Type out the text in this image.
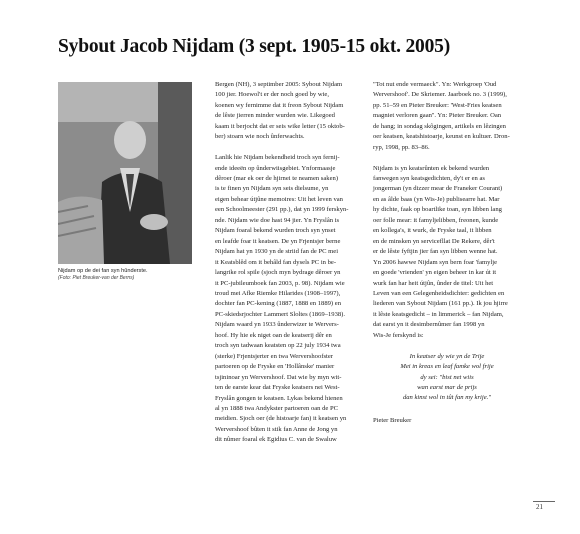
Sybout Jacob Nijdam (3 sept. 1905-15 okt. 2005)
Nijdam op de dei fan syn hûnderste.
(Foto: Piet Breuker-van der Berns)

Bergen (NH), 3 septimber 2005: Sybout Nijdam
100 jier. Hoewol't er der noch goed by wie,
koenen wy fernimme dat it freon Sybout Nijdam
de lêste jierren minder wurden wie. Likegoed
kaam it berjocht dat er seis wike letter (15 oktob-
ber) stoarn wie noch ûnferwachts.

Lanlik hie Nijdam bekendheid troch syn fernij-
ende ideeën op ûnderwiisgebiet. Ynformaasje
dêroer (mar ek oer de hjirnei te neamen saken)
is te finen yn Nijdam syn seis dielsume, yn
eigen behear útjûne memoires: Uit het leven van
een Schoolmeester (291 pp.), dat yn 1999 ferskyn-
nde. Nijdam wie doe hast 94 jier. Yn Fryslân is
Nijdam foaral bekend wurden troch syn ynset
en leafde foar it keatsen. De yn Frjentsjer berne
Nijdam hat yn 1930 yn de striid fan de PC mei
it Keatsblêd om it behâld fan dysels PC in be-
langrike rol spile (sjoch myn bydrage dêroer yn
it PC-jubileumboek fan 2003, p. 98). Nijdam wie
troud mei Afke Riemke Hilarides (1908–1997),
dochter fan PC-kening (1887, 1888 en 1889) en
PC-skiedsrjochter Lammert Sloltes (1869–1938).
Nijdam waard yn 1933 ûnderwizer te Wervers-
hoof. Hy hie ek niget oan de keatserij dêr en
troch syn tadwaan keatsten op 22 july 1934 twa
(sterke) Frjentsjerter en twa Wervershoofster
partoeren op de Fryske en 'Hollânske' manier
tsjininoar yn Wervershoof. Dat wie by myn wit-
ten de earste kear dat Fryske keatsers nei West-
Fryslân gongen te keatsen. Lykas bekend hienen
al yn 1888 twa Andykster partoeren oan de PC
meidien. Sjoch oer (de histoarje fan) it keatsen yn
Wervershoof bûten it stik fan Anne de Jong yn
dit nûmer foaral ek Egidius C. van de Swaluw

"Tot nut ende vermaeck". Yn: Werkgroep 'Oud
Wervershoof'. De Skriemer. Jaarboek no. 3 (1999),
pp. 51–59 en Pieter Breuker: 'West-Fries keatsen
magniet verloren gaan''. Yn: Pieter Breuker. Oan
de hang; in sondag skôgingen, artikels en lêzingen
oer keatsen, keatshistoarje, keunst en kultuer. Dron-
ryp, 1998, pp. 83–86.

Nijdam is yn keatsrûnten ek bekend wurden
fanwegen syn keatsgedichten, dy't er en as
jongerman (yn dizzer mear de Franeker Courant)
en as âlde baas (yn Wis-Je) publisearre hat. Mar
hy dichte, faak op boartlike toan, syn libben lang
oer folle mear: it famyljelibben, freonen, kunde
en kollega's, it wurk, de Fryske taal, it libben
en de minsken yn servicefllat De Rekere, dêr't
er de lêste fyftjin jier fan syn libben wenne hat.
Yn 2006 hawwe Nijdam syn bern foar 'famylje
en goede 'vrienden' yn eigen beheer in kar út it
wurk fan har heit útjûn, ûnder de titel: Uit het
Leven van een Gelegenheidsdichter: gedichten en
liederen van Sybout Nijdam (161 pp.). Ik jou hjirre
it lêste keatsgedicht – in limmerick – fan Nijdam,
dat earst yn it desimbernûmer fan 1998 yn
Wis-Je ferskynd is:

In keatser dy wie yn de Trije
Mei in kreas en leaf famke wol frije
dy sei: "bist net wiis
wan earst mar de prijs
dan kinst wol in tût fan my krije."

Pieter Breuker

21
